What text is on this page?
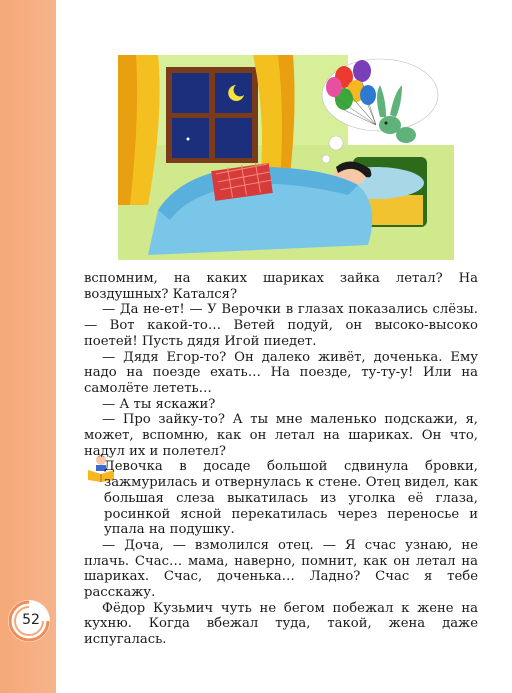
52

вспомним, на каких шариках зайка летал? На воздушных? Катался?

— Да не-ет! — У Верочки в глазах показались слёзы. — Вот какой-то… Ветей подуй, он высоко-высоко поетей! Пусть дядя Игой пиедет.

— Дядя Егор-то? Он далеко живёт, доченька. Ему надо на поезде ехать… На поезде, ту-ту-у! Или на самолёте лететь…

— А ты яскажи?

— Про зайку-то? А ты мне маленько подскажи, я, может, вспомню, как он летал на шариках. Он что, надул их и полетел?

Девочка в досаде большой сдвинула бровки, зажмурилась и отвернулась к стене. Отец видел, как большая слеза выкатилась из уголка её глаза, росинкой ясной перекатилась через переносье и упала на подушку.

— Доча, — взмолился отец. — Я счас узнаю, не плачь. Счас… мама, наверно, помнит, как он летал на шариках. Счас, доченька… Ладно? Счас я тебе расскажу.

Фёдор Кузьмич чуть не бегом побежал к жене на кухню. Когда вбежал туда, такой, жена даже испугалась.
